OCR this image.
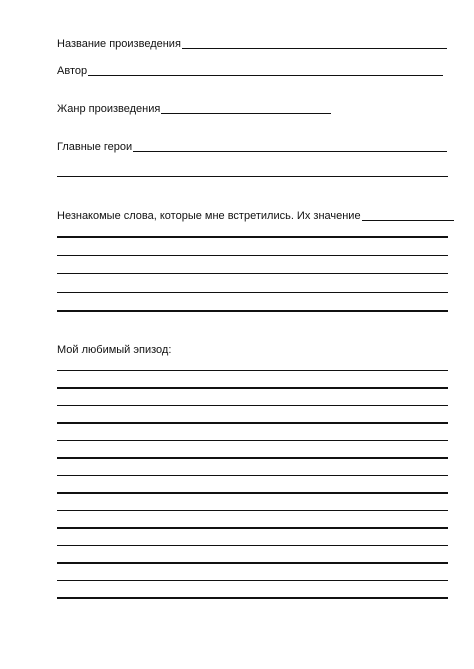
Название произведения
Автор
Жанр произведения
Главные герои
Незнакомые слова, которые мне встретились. Их значение
Мой любимый эпизод:
